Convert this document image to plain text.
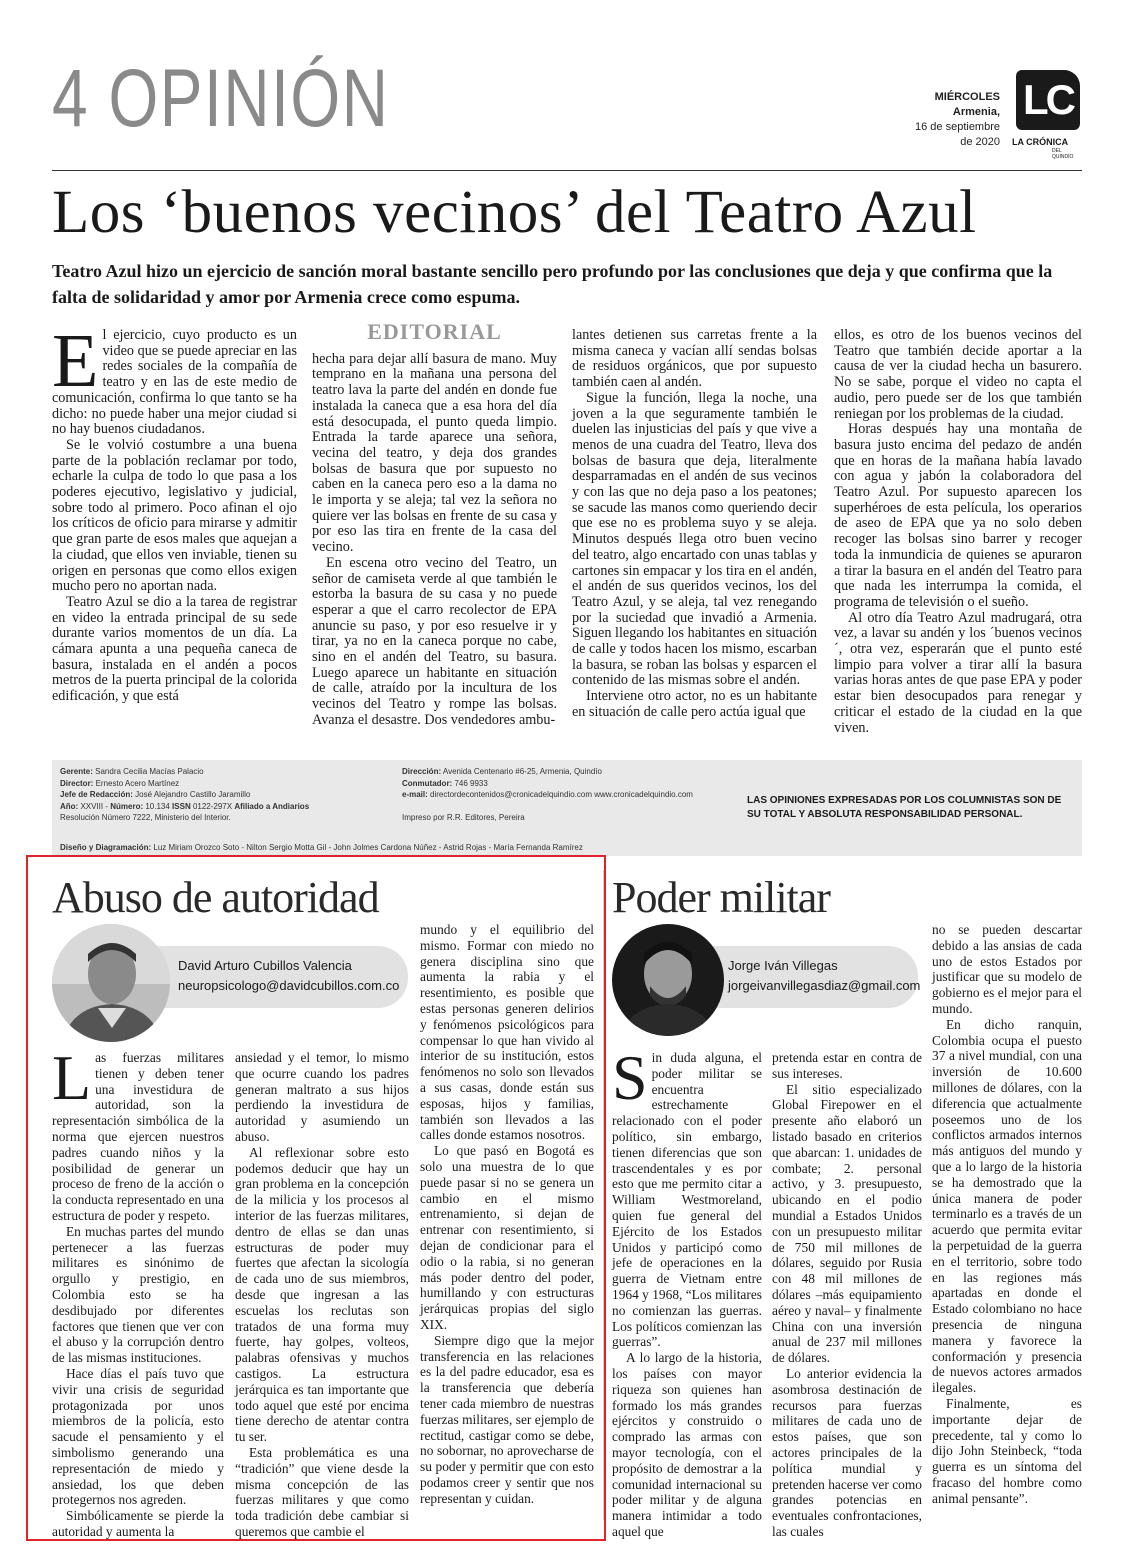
4 OPINIÓN	MIÉRCOLES
Armenia,
16 de septiembre
de 2020
LC
LA CRÓNICA
DEL QUINDÍO
Los ‘buenos vecinos’ del Teatro Azul
Teatro Azul hizo un ejercicio de sanción moral bastante sencillo pero profundo por las conclusiones que deja y que confirma que la falta de solidaridad y amor por Armenia crece como espuma.

El ejercicio, cuyo producto es un video que se puede apreciar en las redes sociales de la compañía de teatro y en las de este medio de comunicación, confirma lo que tanto se ha dicho: no puede haber una mejor ciudad si no hay buenos ciudadanos.

Se le volvió costumbre a una buena parte de la población reclamar por todo, echarle la culpa de todo lo que pasa a los poderes ejecutivo, legislativo y judicial, sobre todo al primero. Poco afinan el ojo los críticos de oficio para mirarse y admitir que gran parte de esos males que aquejan a la ciudad, que ellos ven inviable, tienen su origen en personas que como ellos exigen mucho pero no aportan nada.

Teatro Azul se dio a la tarea de registrar en video la entrada principal de su sede durante varios momentos de un día. La cámara apunta a una pequeña caneca de basura, instalada en el andén a pocos metros de la puerta principal de la colorida edificación, y que está

EDITORIAL

hecha para dejar allí basura de mano. Muy temprano en la mañana una persona del teatro lava la parte del andén en donde fue instalada la caneca que a esa hora del día está desocupada, el punto queda limpio. Entrada la tarde aparece una señora, vecina del teatro, y deja dos grandes bolsas de basura que por supuesto no caben en la caneca pero eso a la dama no le importa y se aleja; tal vez la señora no quiere ver las bolsas en frente de su casa y por eso las tira en frente de la casa del vecino.

En escena otro vecino del Teatro, un señor de camiseta verde al que también le estorba la basura de su casa y no puede esperar a que el carro recolector de EPA anuncie su paso, y por eso resuelve ir y tirar, ya no en la caneca porque no cabe, sino en el andén del Teatro, su basura. Luego aparece un habitante en situación de calle, atraído por la incultura de los vecinos del Teatro y rompe las bolsas. Avanza el desastre. Dos vendedores ambu-

lantes detienen sus carretas frente a la misma caneca y vacían allí sendas bolsas de residuos orgánicos, que por supuesto también caen al andén.

Sigue la función, llega la noche, una joven a la que seguramente también le duelen las injusticias del país y que vive a menos de una cuadra del Teatro, lleva dos bolsas de basura que deja, literalmente desparramadas en el andén de sus vecinos y con las que no deja paso a los peatones; se sacude las manos como queriendo decir que ese no es problema suyo y se aleja. Minutos después llega otro buen vecino del teatro, algo encartado con unas tablas y cartones sin empacar y los tira en el andén, el andén de sus queridos vecinos, los del Teatro Azul, y se aleja, tal vez renegando por la suciedad que invadió a Armenia. Siguen llegando los habitantes en situación de calle y todos hacen los mismo, escarban la basura, se roban las bolsas y esparcen el contenido de las mismas sobre el andén.

Interviene otro actor, no es un habitante en situación de calle pero actúa igual que

ellos, es otro de los buenos vecinos del Teatro que también decide aportar a la causa de ver la ciudad hecha un basurero. No se sabe, porque el video no capta el audio, pero puede ser de los que también reniegan por los problemas de la ciudad.

Horas después hay una montaña de basura justo encima del pedazo de andén que en horas de la mañana había lavado con agua y jabón la colaboradora del Teatro Azul. Por supuesto aparecen los superhéroes de esta película, los operarios de aseo de EPA que ya no solo deben recoger las bolsas sino barrer y recoger toda la inmundicia de quienes se apuraron a tirar la basura en el andén del Teatro para que nada les interrumpa la comida, el programa de televisión o el sueño.

Al otro día Teatro Azul madrugará, otra vez, a lavar su andén y los ´buenos vecinos´, otra vez, esperarán que el punto esté limpio para volver a tirar allí la basura varias horas antes de que pase EPA y poder estar bien desocupados para renegar y criticar el estado de la ciudad en la que viven.

Gerente: Sandra Cecilia Macías Palacio
Director: Ernesto Acero Martínez
Jefe de Redacción: José Alejandro Castillo Jaramillo
Año: XXVIII - Número: 10.134 ISSN 0122-297X Afiliado a Andiarios
Resolución Número 7222, Ministerio del Interior.
Dirección: Avenida Centenario #6-25, Armenia, Quindío
Conmutador: 746 9933
e-mail: directordecontenidos@cronicadelquindio.com www.cronicadelquindio.com

Impreso por R.R. Editores, Pereira
LAS OPINIONES EXPRESADAS POR LOS COLUMNISTAS SON DE SU TOTAL Y ABSOLUTA RESPONSABILIDAD PERSONAL.
Diseño y Diagramación: Luz Miriam Orozco Soto - Nilton Sergio Motta Gil - John Jolmes Cardona Núñez - Astrid Rojas - María Fernanda Ramírez
Abuso de autoridad
David Arturo Cubillos Valencia
neuropsicologo@davidcubillos.com.co

Las fuerzas militares tienen y deben tener una investidura de autoridad, son la representación simbólica de la norma que ejercen nuestros padres cuando niños y la posibilidad de generar un proceso de freno de la acción o la conducta representado en una estructura de poder y respeto.

En muchas partes del mundo pertenecer a las fuerzas militares es sinónimo de orgullo y prestigio, en Colombia esto se ha desdibujado por diferentes factores que tienen que ver con el abuso y la corrupción dentro de las mismas instituciones.

Hace días el país tuvo que vivir una crisis de seguridad protagonizada por unos miembros de la policía, esto sacude el pensamiento y el simbolismo generando una representación de miedo y ansiedad, los que deben protegernos nos agreden.

Simbólicamente se pierde la autoridad y aumenta la

ansiedad y el temor, lo mismo que ocurre cuando los padres generan maltrato a sus hijos perdiendo la investidura de autoridad y asumiendo un abuso.

Al reflexionar sobre esto podemos deducir que hay un gran problema en la concepción de la milicia y los procesos al interior de las fuerzas militares, dentro de ellas se dan unas estructuras de poder muy fuertes que afectan la sicología de cada uno de sus miembros, desde que ingresan a las escuelas los reclutas son tratados de una forma muy fuerte, hay golpes, volteos, palabras ofensivas y muchos castigos. La estructura jerárquica es tan importante que todo aquel que esté por encima tiene derecho de atentar contra tu ser.

Esta problemática es una “tradición” que viene desde la misma concepción de las fuerzas militares y que como toda tradición debe cambiar si queremos que cambie el

mundo y el equilibrio del mismo. Formar con miedo no genera disciplina sino que aumenta la rabia y el resentimiento, es posible que estas personas generen delirios y fenómenos psicológicos para compensar lo que han vivido al interior de su institución, estos fenómenos no solo son llevados a sus casas, donde están sus esposas, hijos y familias, también son llevados a las calles donde estamos nosotros.

Lo que pasó en Bogotá es solo una muestra de lo que puede pasar si no se genera un cambio en el mismo entrenamiento, si dejan de entrenar con resentimiento, si dejan de condicionar para el odio o la rabia, si no generan más poder dentro del poder, humillando y con estructuras jerárquicas propias del siglo XIX.

Siempre digo que la mejor transferencia en las relaciones es la del padre educador, esa es la transferencia que debería tener cada miembro de nuestras fuerzas militares, ser ejemplo de rectitud, castigar como se debe, no sobornar, no aprovecharse de su poder y permitir que con esto podamos creer y sentir que nos representan y cuidan.

Poder militar
Jorge Iván Villegas
jorgeivanvillegasdiaz@gmail.com

Sin duda alguna, el poder militar se encuentra estrechamente relacionado con el poder político, sin embargo, tienen diferencias que son trascendentales y es por esto que me permito citar a William Westmoreland, quien fue general del Ejército de los Estados Unidos y participó como jefe de operaciones en la guerra de Vietnam entre 1964 y 1968, “Los militares no comienzan las guerras. Los políticos comienzan las guerras”.

A lo largo de la historia, los países con mayor riqueza son quienes han formado los más grandes ejércitos y construido o comprado las armas con mayor tecnología, con el propósito de demostrar a la comunidad internacional su poder militar y de alguna manera intimidar a todo aquel que

pretenda estar en contra de sus intereses.

El sitio especializado Global Firepower en el presente año elaboró un listado basado en criterios que abarcan: 1. unidades de combate; 2. personal activo, y 3. presupuesto, ubicando en el podio mundial a Estados Unidos con un presupuesto militar de 750 mil millones de dólares, seguido por Rusia con 48 mil millones de dólares –más equipamiento aéreo y naval– y finalmente China con una inversión anual de 237 mil millones de dólares.

Lo anterior evidencia la asombrosa destinación de recursos para fuerzas militares de cada uno de estos países, que son actores principales de la política mundial y pretenden hacerse ver como grandes potencias en eventuales confrontaciones, las cuales

no se pueden descartar debido a las ansias de cada uno de estos Estados por justificar que su modelo de gobierno es el mejor para el mundo.

En dicho ranquin, Colombia ocupa el puesto 37 a nivel mundial, con una inversión de 10.600 millones de dólares, con la diferencia que actualmente poseemos uno de los conflictos armados internos más antiguos del mundo y que a lo largo de la historia se ha demostrado que la única manera de poder terminarlo es a través de un acuerdo que permita evitar la perpetuidad de la guerra en el territorio, sobre todo en las regiones más apartadas en donde el Estado colombiano no hace presencia de ninguna manera y favorece la conformación y presencia de nuevos actores armados ilegales.

Finalmente, es importante dejar de precedente, tal y como lo dijo John Steinbeck, “toda guerra es un síntoma del fracaso del hombre como animal pensante”.
